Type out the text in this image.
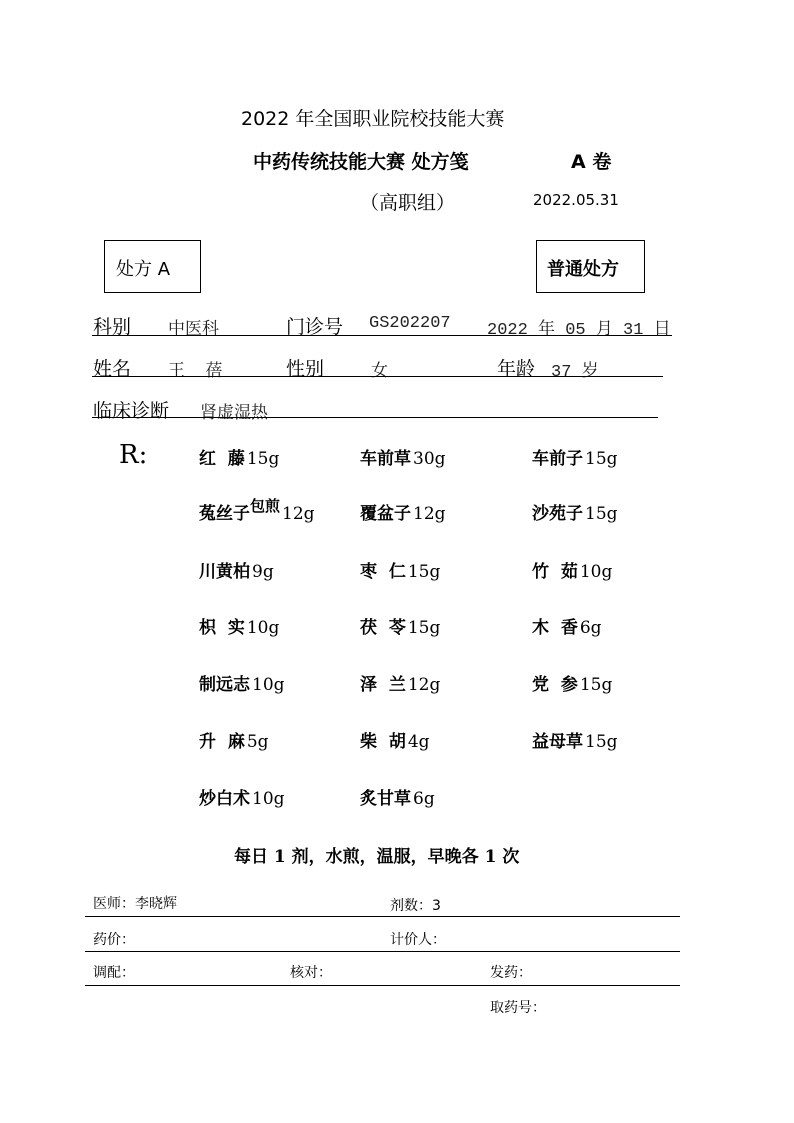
2022 年全国职业院校技能大赛
中药传统技能大赛 处方笺	A 卷
（高职组）	2022.05.31
处方 A	普通处方
科别 中医科	门诊号 GS202207 2022 年 05 月 31 日
姓名 王  蓓	性别	女	年龄 37 岁
临床诊断 肾虚湿热
R:	红  藤 15g	车前草 30g	车前子 15g
菟丝子包煎 12g	覆盆子 12g	沙苑子 15g
川黄柏 9g	枣  仁 15g	竹  茹 10g
枳  实 10g	茯  苓 15g	木  香 6g
制远志 10g	泽  兰 12g	党  参 15g
升  麻 5g	柴  胡 4g	益母草 15g
炒白术 10g	炙甘草 6g
每日 1 剂，水煎，温服，早晚各 1 次
医师：李晓辉	剂数：3
药价：	计价人：
调配：	核对：	发药：
取药号：
